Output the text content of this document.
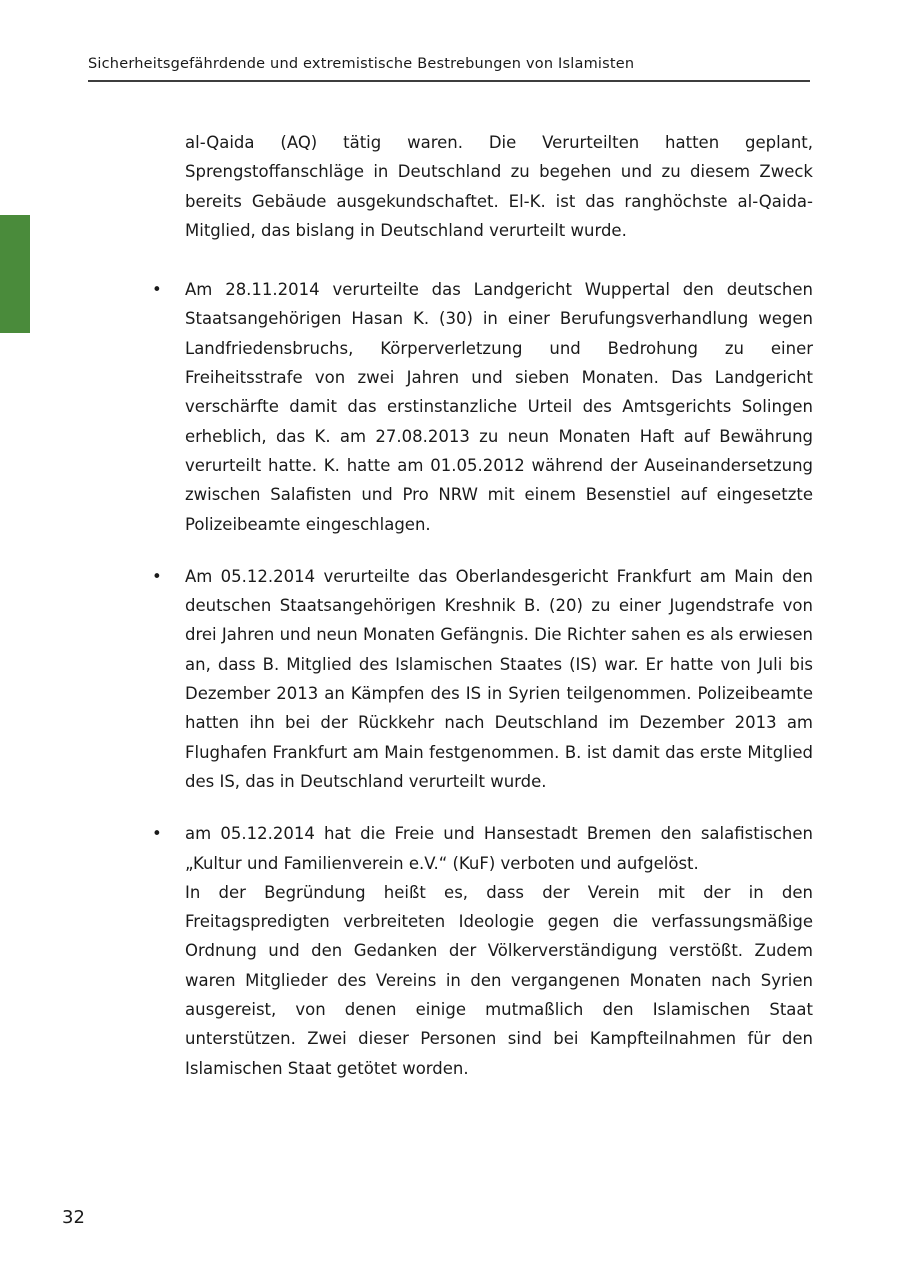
Sicherheitsgefährdende und extremistische Bestrebungen von Islamisten

al-Qaida (AQ) tätig waren. Die Verurteilten hatten geplant, Sprengstoffanschläge in Deutschland zu begehen und zu diesem Zweck bereits Gebäude ausgekundschaftet. El-K. ist das ranghöchste al-Qaida-Mitglied, das bislang in Deutschland verurteilt wurde.

• Am 28.11.2014 verurteilte das Landgericht Wuppertal den deutschen Staatsangehörigen Hasan K. (30) in einer Berufungsverhandlung wegen Landfriedensbruchs, Körperverletzung und Bedrohung zu einer Freiheitsstrafe von zwei Jahren und sieben Monaten. Das Landgericht verschärfte damit das erstinstanzliche Urteil des Amtsgerichts Solingen erheblich, das K. am 27.08.2013 zu neun Monaten Haft auf Bewährung verurteilt hatte. K. hatte am 01.05.2012 während der Auseinandersetzung zwischen Salafisten und Pro NRW mit einem Besenstiel auf eingesetzte Polizeibeamte eingeschlagen.
• Am 05.12.2014 verurteilte das Oberlandesgericht Frankfurt am Main den deutschen Staatsangehörigen Kreshnik B. (20) zu einer Jugendstrafe von drei Jahren und neun Monaten Gefängnis. Die Richter sahen es als erwiesen an, dass B. Mitglied des Islamischen Staates (IS) war. Er hatte von Juli bis Dezember 2013 an Kämpfen des IS in Syrien teilgenommen. Polizeibeamte hatten ihn bei der Rückkehr nach Deutschland im Dezember 2013 am Flughafen Frankfurt am Main festgenommen. B. ist damit das erste Mitglied des IS, das in Deutschland verurteilt wurde.
• am 05.12.2014 hat die Freie und Hansestadt Bremen den salafistischen „Kultur und Familienverein e.V.“ (KuF) verboten und aufgelöst.
In der Begründung heißt es, dass der Verein mit der in den Freitagspredigten verbreiteten Ideologie gegen die verfassungsmäßige Ordnung und den Gedanken der Völkerverständigung verstößt. Zudem waren Mitglieder des Vereins in den vergangenen Monaten nach Syrien ausgereist, von denen einige mutmaßlich den Islamischen Staat unterstützen. Zwei dieser Personen sind bei Kampfteilnahmen für den Islamischen Staat getötet worden.
32
